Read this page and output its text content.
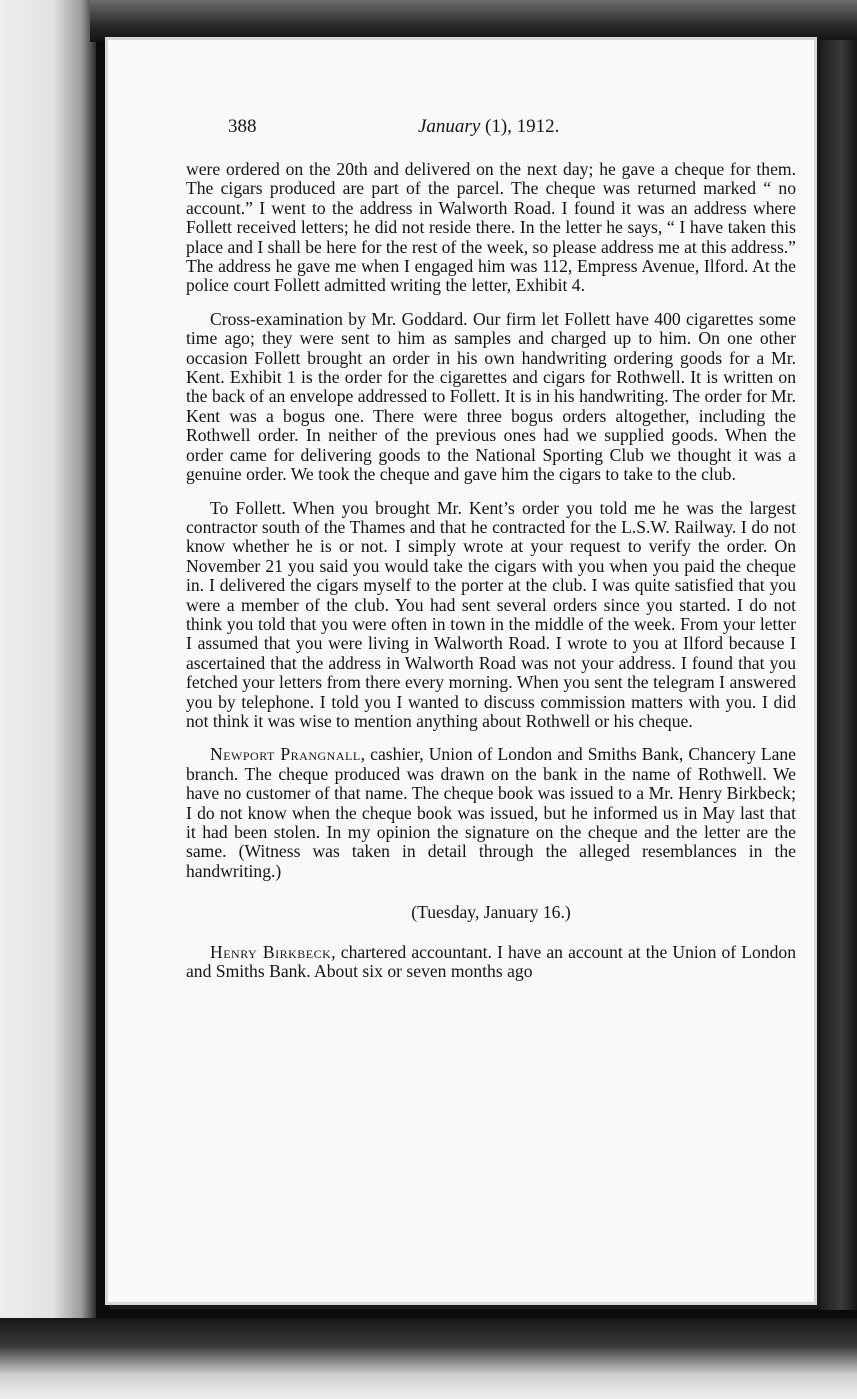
388	January (1), 1912.

were ordered on the 20th and delivered on the next day; he gave a cheque for them. The cigars produced are part of the parcel. The cheque was returned marked “ no account.” I went to the address in Walworth Road. I found it was an address where Follett received letters; he did not reside there. In the letter he says, “ I have taken this place and I shall be here for the rest of the week, so please address me at this address.” The address he gave me when I engaged him was 112, Empress Avenue, Ilford. At the police court Follett admitted writing the letter, Exhibit 4.

Cross-examination by Mr. Goddard. Our firm let Follett have 400 cigarettes some time ago; they were sent to him as samples and charged up to him. On one other occasion Follett brought an order in his own handwriting ordering goods for a Mr. Kent. Exhibit 1 is the order for the cigarettes and cigars for Rothwell. It is written on the back of an envelope addressed to Follett. It is in his handwriting. The order for Mr. Kent was a bogus one. There were three bogus orders altogether, including the Rothwell order. In neither of the previous ones had we supplied goods. When the order came for delivering goods to the National Sporting Club we thought it was a genuine order. We took the cheque and gave him the cigars to take to the club.

To Follett. When you brought Mr. Kent’s order you told me he was the largest contractor south of the Thames and that he contracted for the L.S.W. Railway. I do not know whether he is or not. I simply wrote at your request to verify the order. On November 21 you said you would take the cigars with you when you paid the cheque in. I delivered the cigars myself to the porter at the club. I was quite satisfied that you were a member of the club. You had sent several orders since you started. I do not think you told that you were often in town in the middle of the week. From your letter I assumed that you were living in Walworth Road. I wrote to you at Ilford because I ascertained that the address in Walworth Road was not your address. I found that you fetched your letters from there every morning. When you sent the telegram I answered you by telephone. I told you I wanted to discuss commission matters with you. I did not think it was wise to mention anything about Rothwell or his cheque.

Newport Prangnall, cashier, Union of London and Smiths Bank, Chancery Lane branch. The cheque produced was drawn on the bank in the name of Rothwell. We have no customer of that name. The cheque book was issued to a Mr. Henry Birkbeck; I do not know when the cheque book was issued, but he informed us in May last that it had been stolen. In my opinion the signature on the cheque and the letter are the same. (Witness was taken in detail through the alleged resemblances in the handwriting.)

(Tuesday, January 16.)

Henry Birkbeck, chartered accountant. I have an account at the Union of London and Smiths Bank. About six or seven months ago
